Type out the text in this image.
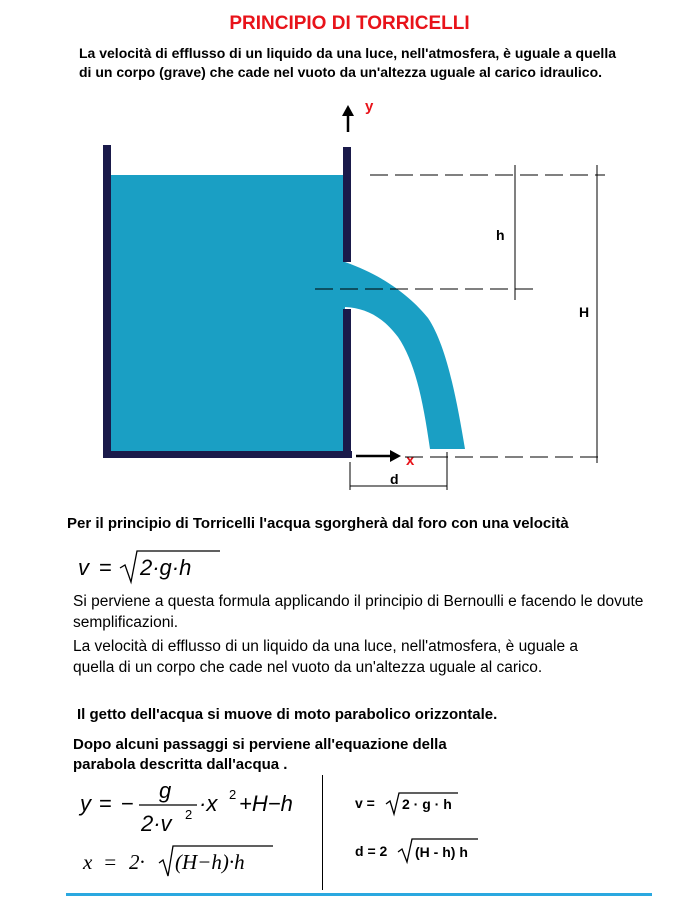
PRINCIPIO DI TORRICELLI
La velocità di efflusso di un liquido da una luce, nell'atmosfera, è uguale a quella di un corpo (grave) che cade nel vuoto da un'altezza uguale al carico idraulico.
y
x
h
H
d
Per il principio di Torricelli l'acqua sgorgherà dal foro con una velocità
v = 2·g·h
Si perviene a questa formula applicando il principio di Bernoulli e facendo le dovute semplificazioni.
La velocità di efflusso di un liquido da una luce, nell'atmosfera, è uguale a quella di un corpo che cade nel vuoto da un'altezza uguale al carico.
Il getto dell'acqua si muove di moto parabolico orizzontale.
Dopo alcuni passaggi si perviene all'equazione della parabola descritta dall'acqua .
y = −
g
2·v 2 ·x 2 +H−h
x = 2· (H−h)·h
v = 2 · g · h
d = 2 (H - h) h
